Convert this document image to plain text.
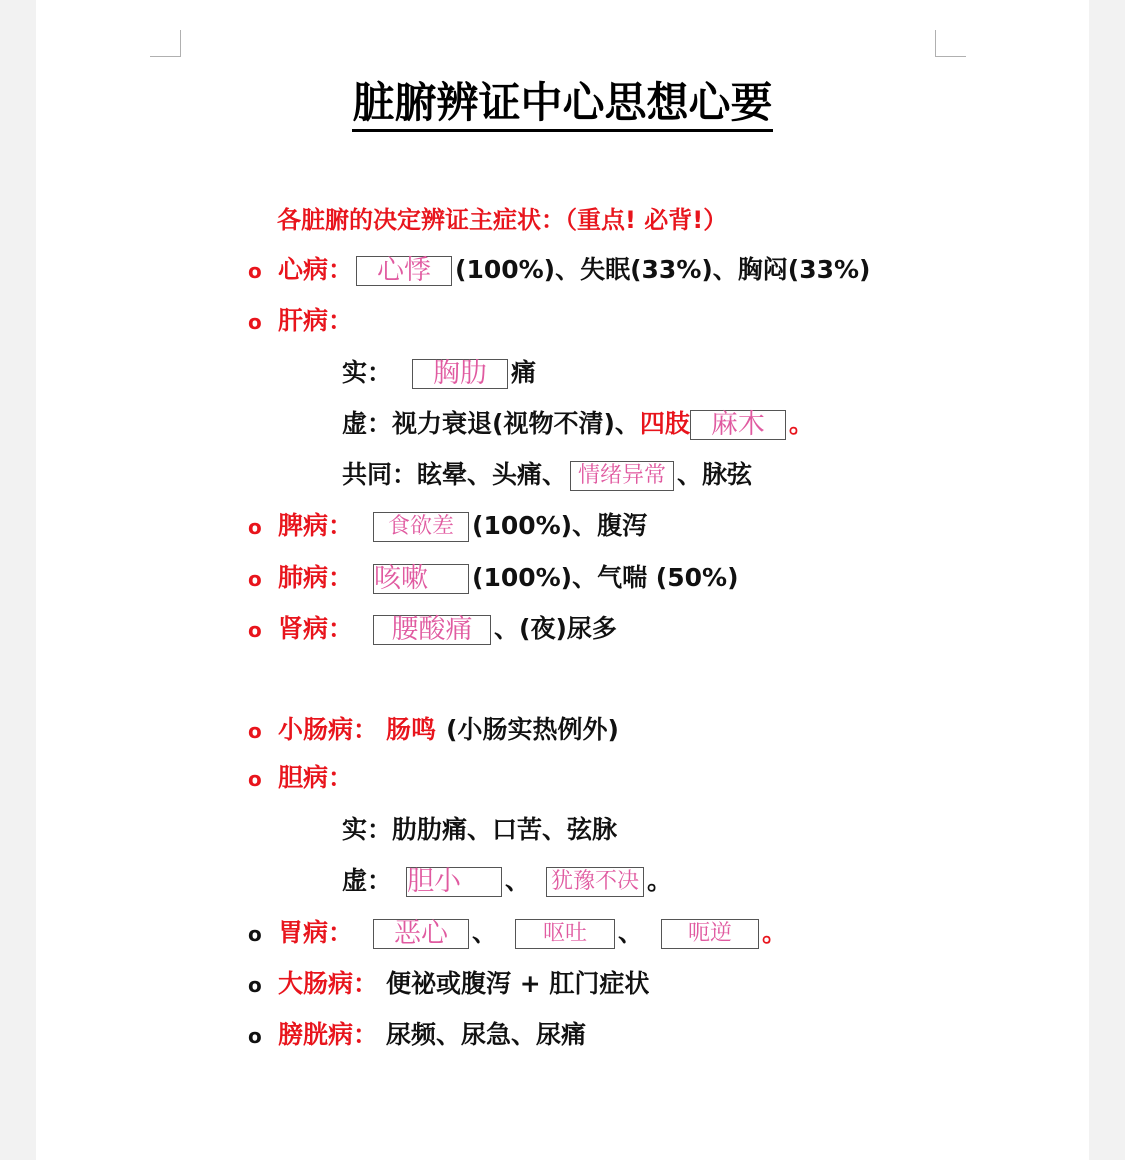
脏腑辨证中心思想心要
各脏腑的决定辨证主症状：（重点! 必背!）
o 心病： 心悸 (100%)、失眠(33%)、胸闷(33%)
o 肝病：
实： 胸肋 痛
虚：视力衰退(视物不清)、四肢 麻木 。
共同：眩晕、头痛、 情绪异常 、脉弦
o 脾病： 食欲差 (100%)、腹泻
o 肺病： 咳嗽 (100%)、气喘 (50%)
o 肾病： 腰酸痛 、(夜)尿多
o 小肠病： 肠鸣 (小肠实热例外)
o 胆病：
实：肋肋痛、口苦、弦脉
虚： 胆小 、 犹豫不决 。
o 胃病： 恶心 、 呕吐 、 呃逆 。
o 大肠病： 便祕或腹泻 + 肛门症状
o 膀胱病： 尿频、尿急、尿痛
